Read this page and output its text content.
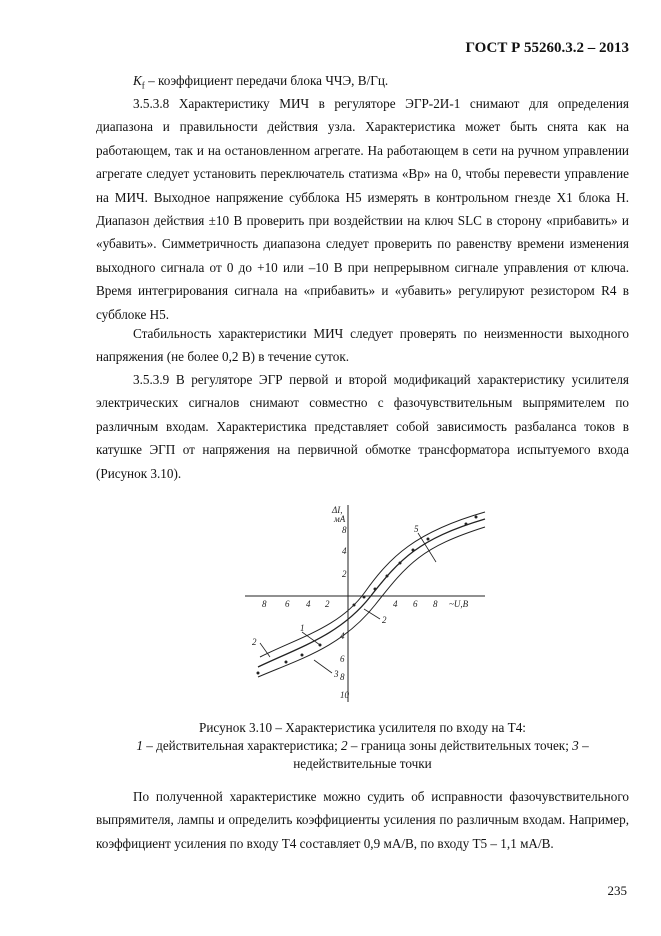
ГОСТ Р 55260.3.2 – 2013

$K_f$ – коэффициент передачи блока ЧЧЭ, В/Гц.

3.5.3.8 Характеристику МИЧ в регуляторе ЭГР-2И-1 снимают для определения диапазона и правильности действия узла. Характеристика может быть снята как на работающем, так и на остановленном агрегате. На работающем в сети на ручном управлении агрегате следует установить переключатель статизма «Вр» на 0, чтобы перевести управление на МИЧ. Выходное напряжение субблока Н5 измерять в контрольном гнезде Х1 блока Н. Диапазон действия ±10 В проверить при воздействии на ключ SLC в сторону «прибавить» и «убавить». Симметричность диапазона следует проверить по равенству времени изменения выходного сигнала от 0 до +10 или –10 В при непрерывном сигнале управления от ключа. Время интегрирования сигнала на «прибавить» и «убавить» регулируют резистором R4 в субблоке Н5.

Стабильность характеристики МИЧ следует проверять по неизменности выходного напряжения (не более 0,2 В) в течение суток.

3.5.3.9 В регуляторе ЭГР первой и второй модификаций характеристику усилителя электрических сигналов снимают совместно с фазочувствительным выпрямителем по различным входам. Характеристика представляет собой зависимость разбаланса токов в катушке ЭГП от напряжения на первичной обмотке трансформатора испытуемого входа (Рисунок 3.10).

ΔI,
мА
~U,В
8
4
2
4
6
8
10
8 6 4 2	4 6 8
1
2
3
2
5
Рисунок 3.10 – Характеристика усилителя по входу на Т4:
1 – действительная характеристика; 2 – граница зоны действительных точек; 3 –
недействительные точки

По полученной характеристике можно судить об исправности фазочувствительного выпрямителя, лампы и определить коэффициенты усиления по различным входам. Например, коэффициент усиления по входу Т4 составляет 0,9 мА/В, по входу Т5 – 1,1 мА/В.

235
